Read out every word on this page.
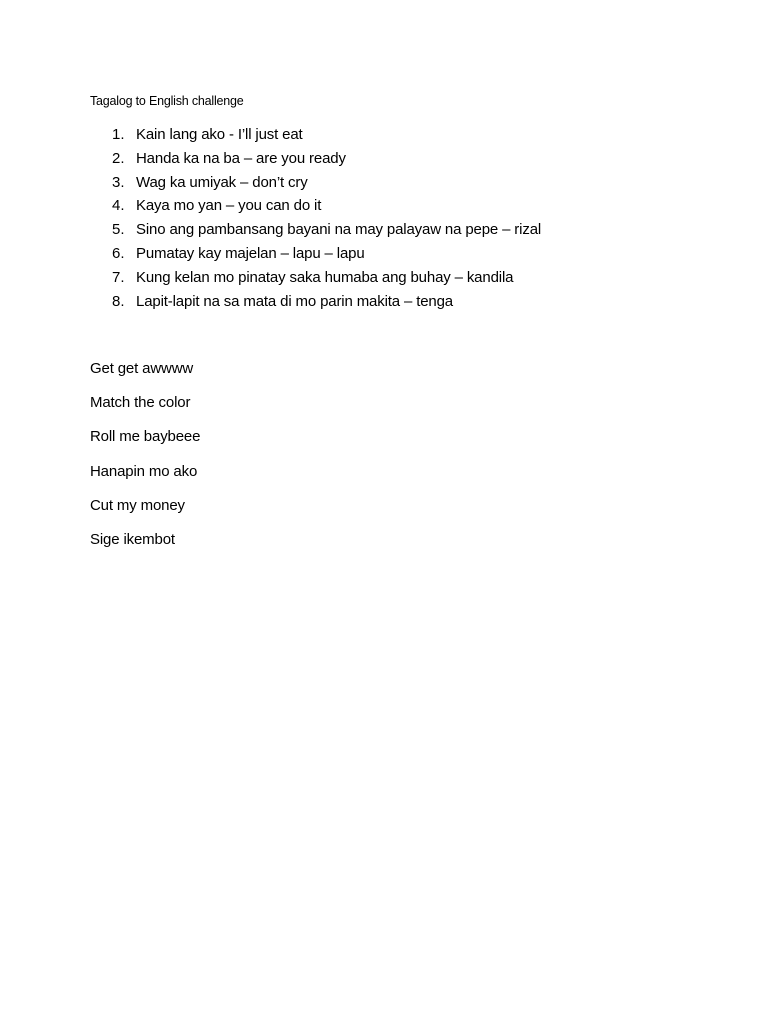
Tagalog to English challenge
1. Kain lang ako - I’ll just eat
2. Handa ka na ba – are you ready
3. Wag ka umiyak – don’t cry
4. Kaya mo yan – you can do it
5. Sino ang pambansang bayani na may palayaw na pepe – rizal
6. Pumatay kay majelan – lapu – lapu
7. Kung kelan mo pinatay saka humaba ang buhay – kandila
8. Lapit-lapit na sa mata di mo parin makita – tenga
Get get awwww
Match the color
Roll me baybeee
Hanapin mo ako
Cut my money
Sige ikembot
